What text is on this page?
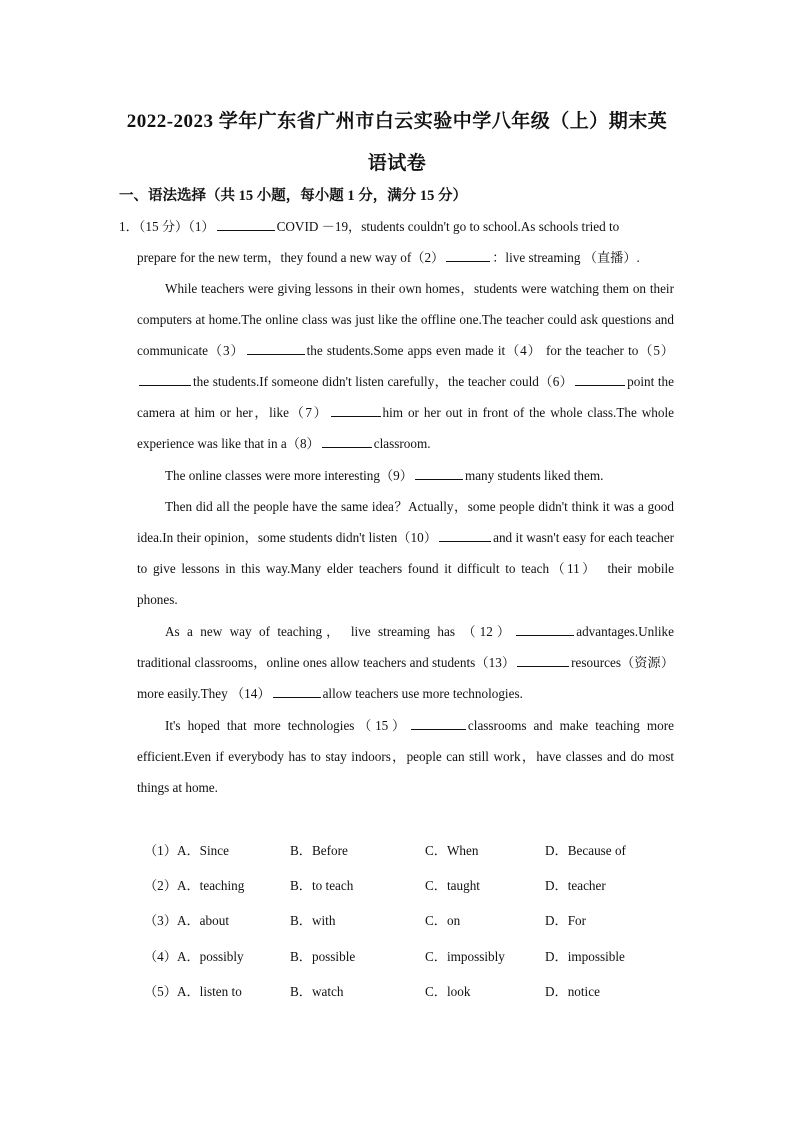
2022-2023 学年广东省广州市白云实验中学八年级（上）期末英
语试卷
一、语法选择（共 15 小题，每小题 1 分，满分 15 分）
1．（15 分）（1）	COVID －19，students couldn't go to school.As schools tried to
prepare for the new term，they found a new way of（2）	：live streaming （直播）.
While teachers were giving lessons in their own homes，students were watching them on their computers at home.The online class was just like the offline one.The teacher could ask questions and communicate（3）	the students.Some apps even made it（4） for the teacher to（5）the students.If someone didn't listen carefully，the teacher could（6）	point the camera at him or her，like（7）	him or her out in front of the whole class.The whole experience was like that in a（8）	classroom.
The online classes were more interesting（9）	many students liked them.
Then did all the people have the same idea？Actually，some people didn't think it was a good idea.In their opinion，some students didn't listen（10）	and it wasn't easy for each teacher to give lessons in this way.Many elder teachers found it difficult to teach（11） their mobile phones.
As a new way of teaching， live streaming has （12）	advantages.Unlike traditional classrooms，online ones allow teachers and students（13）	resources（资源） more easily.They （14）	allow teachers use more technologies.
It's hoped that more technologies（15）	classrooms and make teaching more efficient.Even if everybody has to stay indoors，people can still work，have classes and do most things at home.
（1）A．Since	B．Before	C．When	D．Because of
（2）A．teaching	B．to teach	C．taught	D．teacher
（3）A．about	B．with	C．on	D．For
（4）A．possibly	B．possible	C．impossibly	D．impossible
（5）A．listen to	B．watch	C．look	D．notice
